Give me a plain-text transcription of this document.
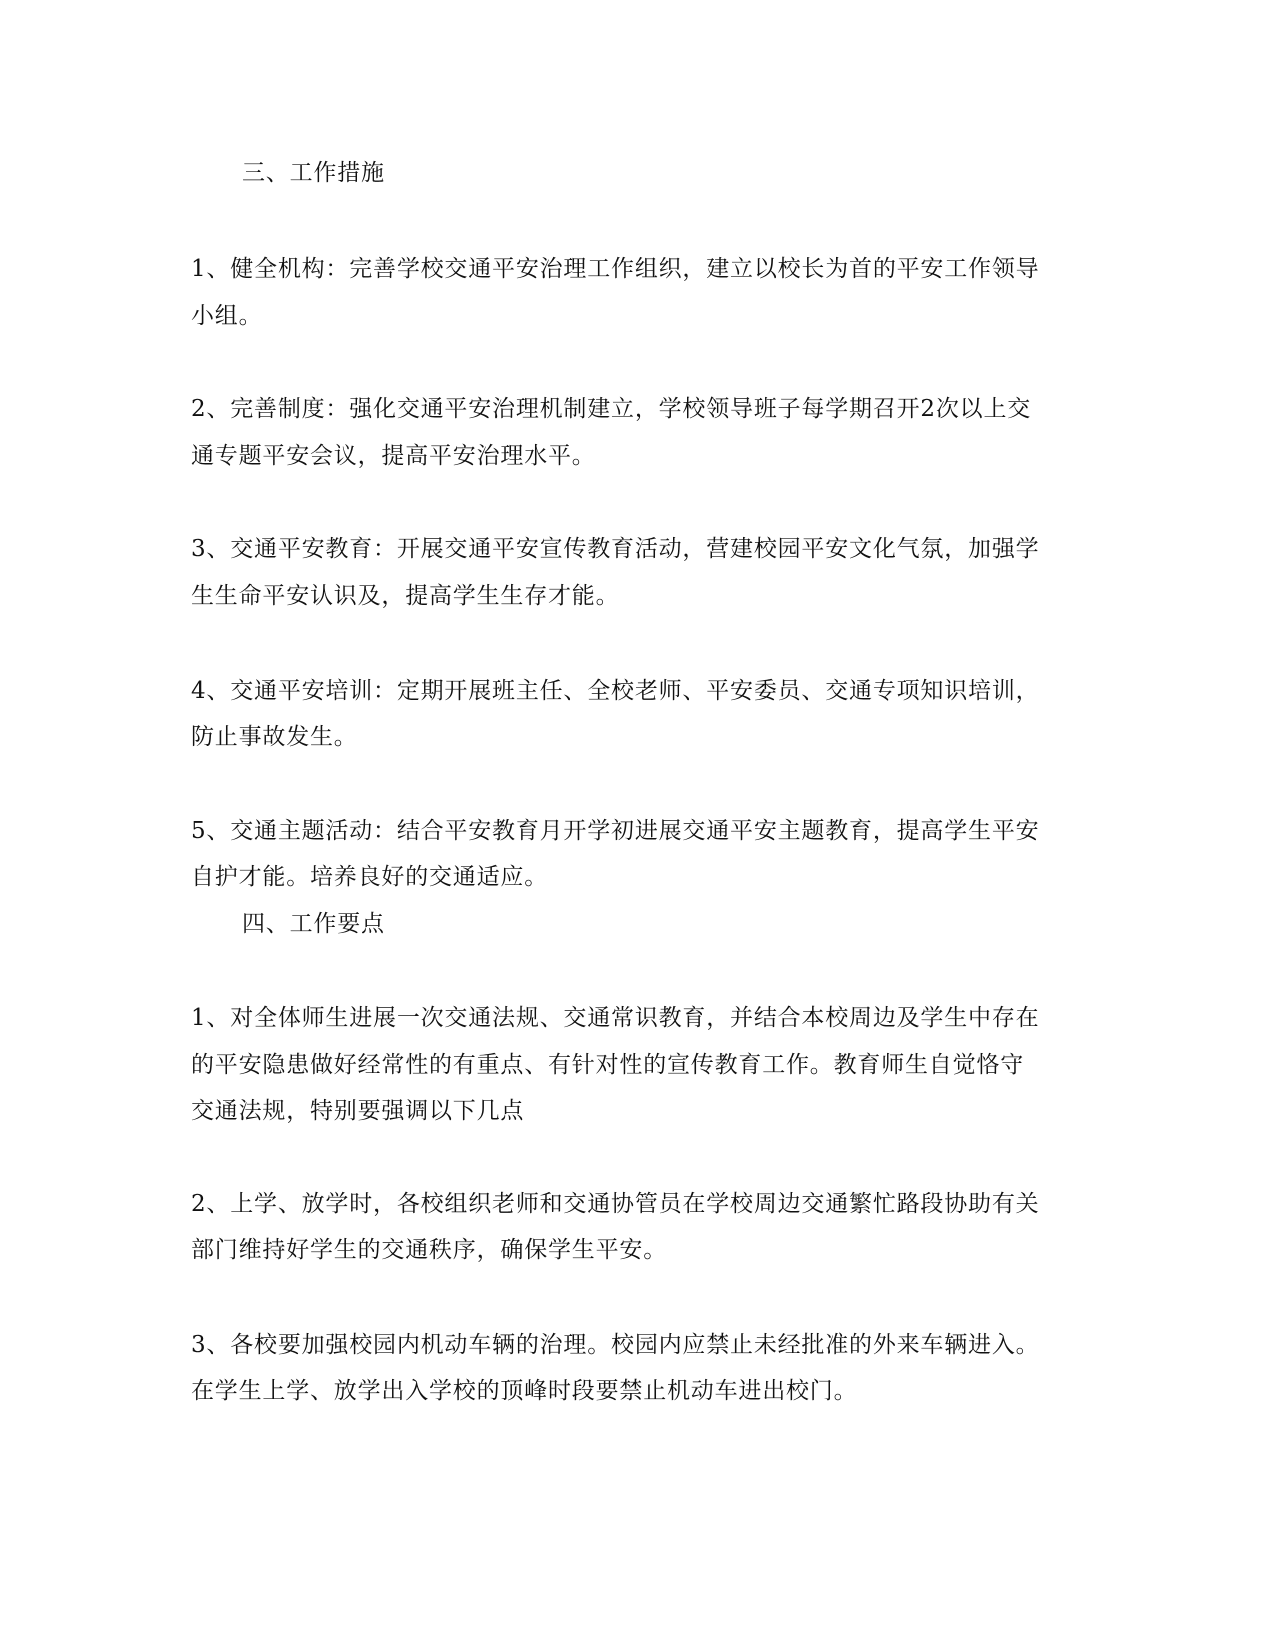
三、工作措施

1、健全机构：完善学校交通平安治理工作组织，建立以校长为首的平安工作领导

小组。

2、完善制度：强化交通平安治理机制建立，学校领导班子每学期召开2次以上交

通专题平安会议，提高平安治理水平。

3、交通平安教育：开展交通平安宣传教育活动，营建校园平安文化气氛，加强学

生生命平安认识及，提高学生生存才能。

4、交通平安培训：定期开展班主任、全校老师、平安委员、交通专项知识培训，

防止事故发生。

5、交通主题活动：结合平安教育月开学初进展交通平安主题教育，提高学生平安

自护才能。培养良好的交通适应。

四、工作要点

1、对全体师生进展一次交通法规、交通常识教育，并结合本校周边及学生中存在

的平安隐患做好经常性的有重点、有针对性的宣传教育工作。教育师生自觉恪守

交通法规，特别要强调以下几点

2、上学、放学时，各校组织老师和交通协管员在学校周边交通繁忙路段协助有关

部门维持好学生的交通秩序，确保学生平安。

3、各校要加强校园内机动车辆的治理。校园内应禁止未经批准的外来车辆进入。

在学生上学、放学出入学校的顶峰时段要禁止机动车进出校门。
